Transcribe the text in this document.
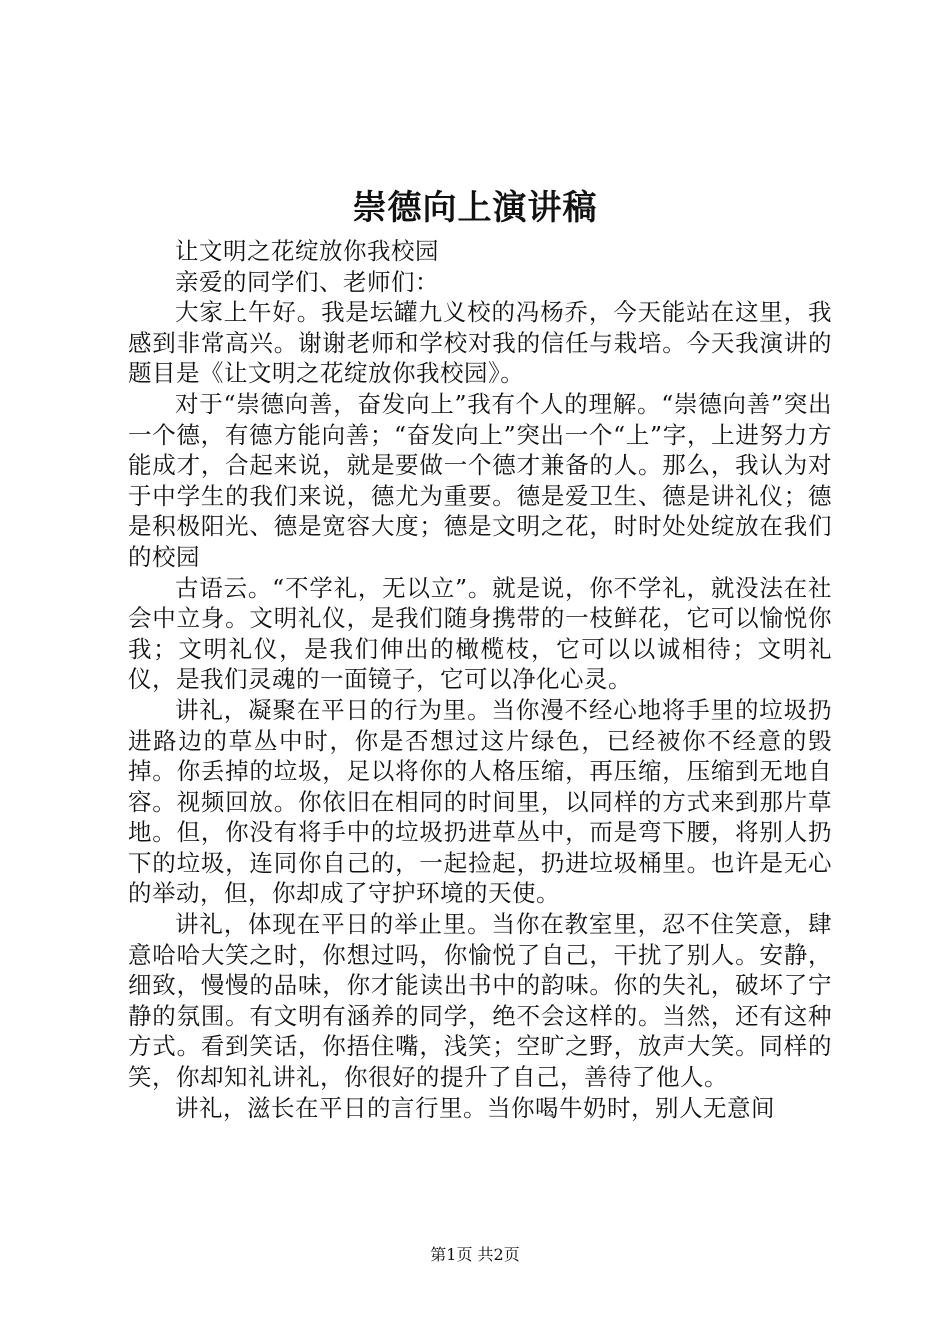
崇德向上演讲稿

让文明之花绽放你我校园

亲爱的同学们、老师们：

大家上午好。我是坛罐九义校的冯杨乔，今天能站在这里，我感到非常高兴。谢谢老师和学校对我的信任与栽培。今天我演讲的题目是《让文明之花绽放你我校园》。

对于“崇德向善，奋发向上”我有个人的理解。“崇德向善”突出一个德，有德方能向善；“奋发向上”突出一个“上”字，上进努力方能成才，合起来说，就是要做一个德才兼备的人。那么，我认为对于中学生的我们来说，德尤为重要。德是爱卫生、德是讲礼仪；德是积极阳光、德是宽容大度；德是文明之花，时时处处绽放在我们的校园

古语云。“不学礼，无以立”。就是说，你不学礼，就没法在社会中立身。文明礼仪，是我们随身携带的一枝鲜花，它可以愉悦你我；文明礼仪，是我们伸出的橄榄枝，它可以以诚相待；文明礼仪，是我们灵魂的一面镜子，它可以净化心灵。

讲礼，凝聚在平日的行为里。当你漫不经心地将手里的垃圾扔进路边的草丛中时，你是否想过这片绿色，已经被你不经意的毁掉。你丢掉的垃圾，足以将你的人格压缩，再压缩，压缩到无地自容。视频回放。你依旧在相同的时间里，以同样的方式来到那片草地。但，你没有将手中的垃圾扔进草丛中，而是弯下腰，将别人扔下的垃圾，连同你自己的，一起捡起，扔进垃圾桶里。也许是无心的举动，但，你却成了守护环境的天使。

讲礼，体现在平日的举止里。当你在教室里，忍不住笑意，肆意哈哈大笑之时，你想过吗，你愉悦了自己，干扰了别人。安静，细致，慢慢的品味，你才能读出书中的韵味。你的失礼，破坏了宁静的氛围。有文明有涵养的同学，绝不会这样的。当然，还有这种方式。看到笑话，你捂住嘴，浅笑；空旷之野，放声大笑。同样的笑，你却知礼讲礼，你很好的提升了自己，善待了他人。

讲礼，滋长在平日的言行里。当你喝牛奶时，别人无意间

第1页 共2页
